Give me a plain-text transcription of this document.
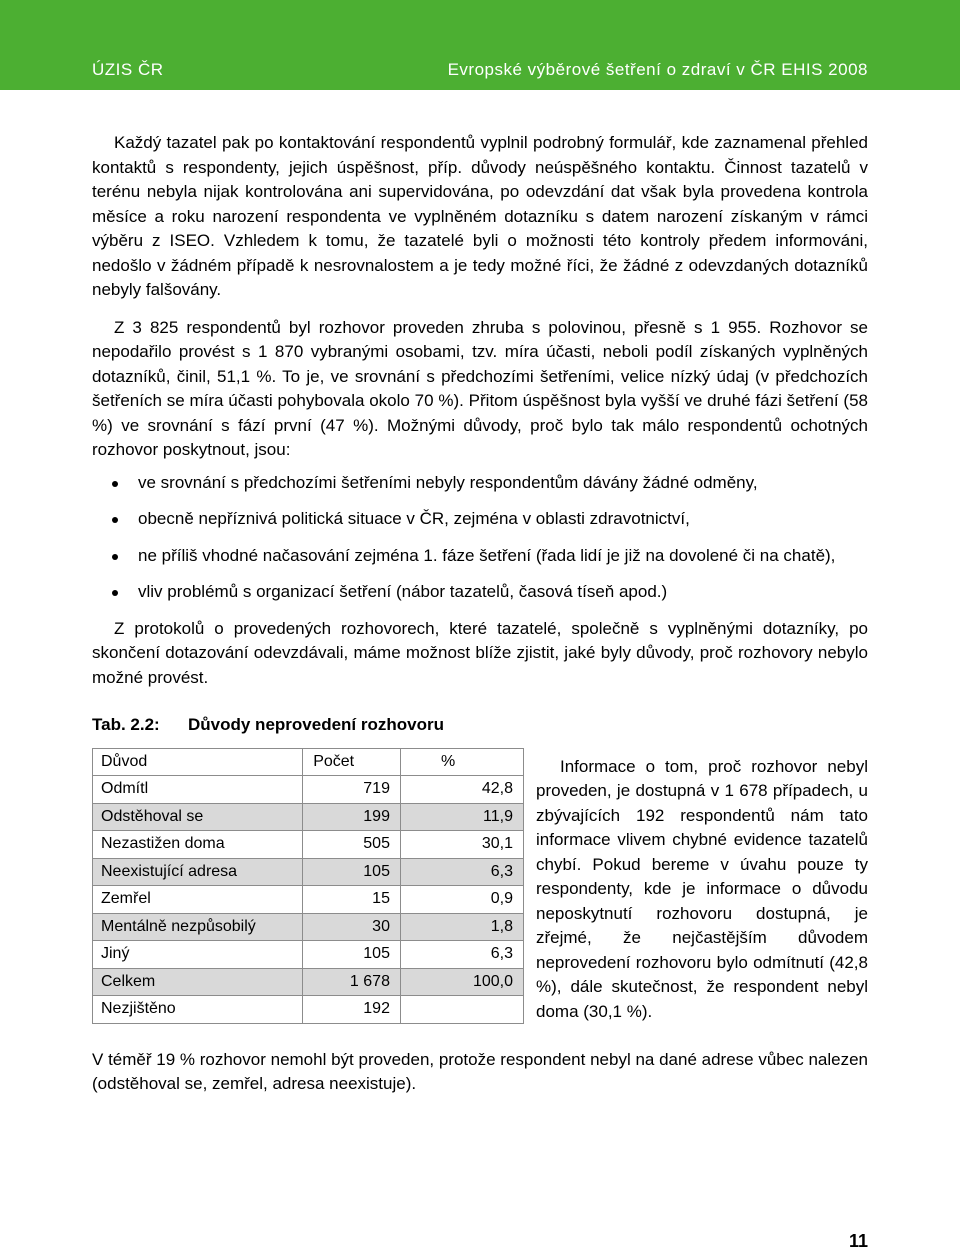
ÚZIS ČR	Evropské výběrové šetření o zdraví v ČR EHIS 2008

Každý tazatel pak po kontaktování respondentů vyplnil podrobný formulář, kde zaznamenal přehled kontaktů s respondenty, jejich úspěšnost, příp. důvody neúspěšného kontaktu. Činnost tazatelů v terénu nebyla nijak kontrolována ani supervidována, po odevzdání dat však byla provedena kontrola měsíce a roku narození respondenta ve vyplněném dotazníku s datem narození získaným v rámci výběru z ISEO. Vzhledem k tomu, že tazatelé byli o možnosti této kontroly předem informováni, nedošlo v žádném případě k nesrovnalostem a je tedy možné říci, že žádné z odevzdaných dotazníků nebyly falšovány.

Z 3 825 respondentů byl rozhovor proveden zhruba s polovinou, přesně s 1 955. Rozhovor se nepodařilo provést s 1 870 vybranými osobami, tzv. míra účasti, neboli podíl získaných vyplněných dotazníků, činil, 51,1 %. To je, ve srovnání s předchozími šetřeními, velice nízký údaj (v předchozích šetřeních se míra účasti pohybovala okolo 70 %). Přitom úspěšnost byla vyšší ve druhé fázi šetření (58 %) ve srovnání s fází první (47 %). Možnými důvody, proč bylo tak málo respondentů ochotných rozhovor poskytnout, jsou:

ve srovnání s předchozími šetřeními nebyly respondentům dávány žádné odměny,
obecně nepříznivá politická situace v ČR, zejména v oblasti zdravotnictví,
ne příliš vhodné načasování zejména 1. fáze šetření (řada lidí je již na dovolené či na chatě),
vliv problémů s organizací šetření (nábor tazatelů, časová tíseň apod.)

Z protokolů o provedených rozhovorech, které tazatelé, společně s vyplněnými dotazníky, po skončení dotazování odevzdávali, máme možnost blíže zjistit, jaké byly důvody, proč rozhovory nebylo možné provést.

Tab. 2.2: Důvody neprovedení rozhovoru
Důvod	Počet	%
Odmítl	719	42,8
Odstěhoval se	199	11,9
Nezastižen doma	505	30,1
Neexistující adresa	105	6,3
Zemřel	15	0,9
Mentálně nezpůsobilý	30	1,8
Jiný	105	6,3
Celkem	1 678	100,0
Nezjištěno	192	

Informace o tom, proč rozhovor nebyl proveden, je dostupná v 1 678 případech, u zbývajících 192 respondentů nám tato informace vlivem chybné evidence tazatelů chybí. Pokud bereme v úvahu pouze ty respondenty, kde je informace o důvodu neposkytnutí rozhovoru dostupná, je zřejmé, že nejčastějším důvodem neprovedení rozhovoru bylo odmítnutí (42,8 %), dále skutečnost, že respondent nebyl doma (30,1 %).

V téměř 19 % rozhovor nemohl být proveden, protože respondent nebyl na dané adrese vůbec nalezen (odstěhoval se, zemřel, adresa neexistuje).

11
